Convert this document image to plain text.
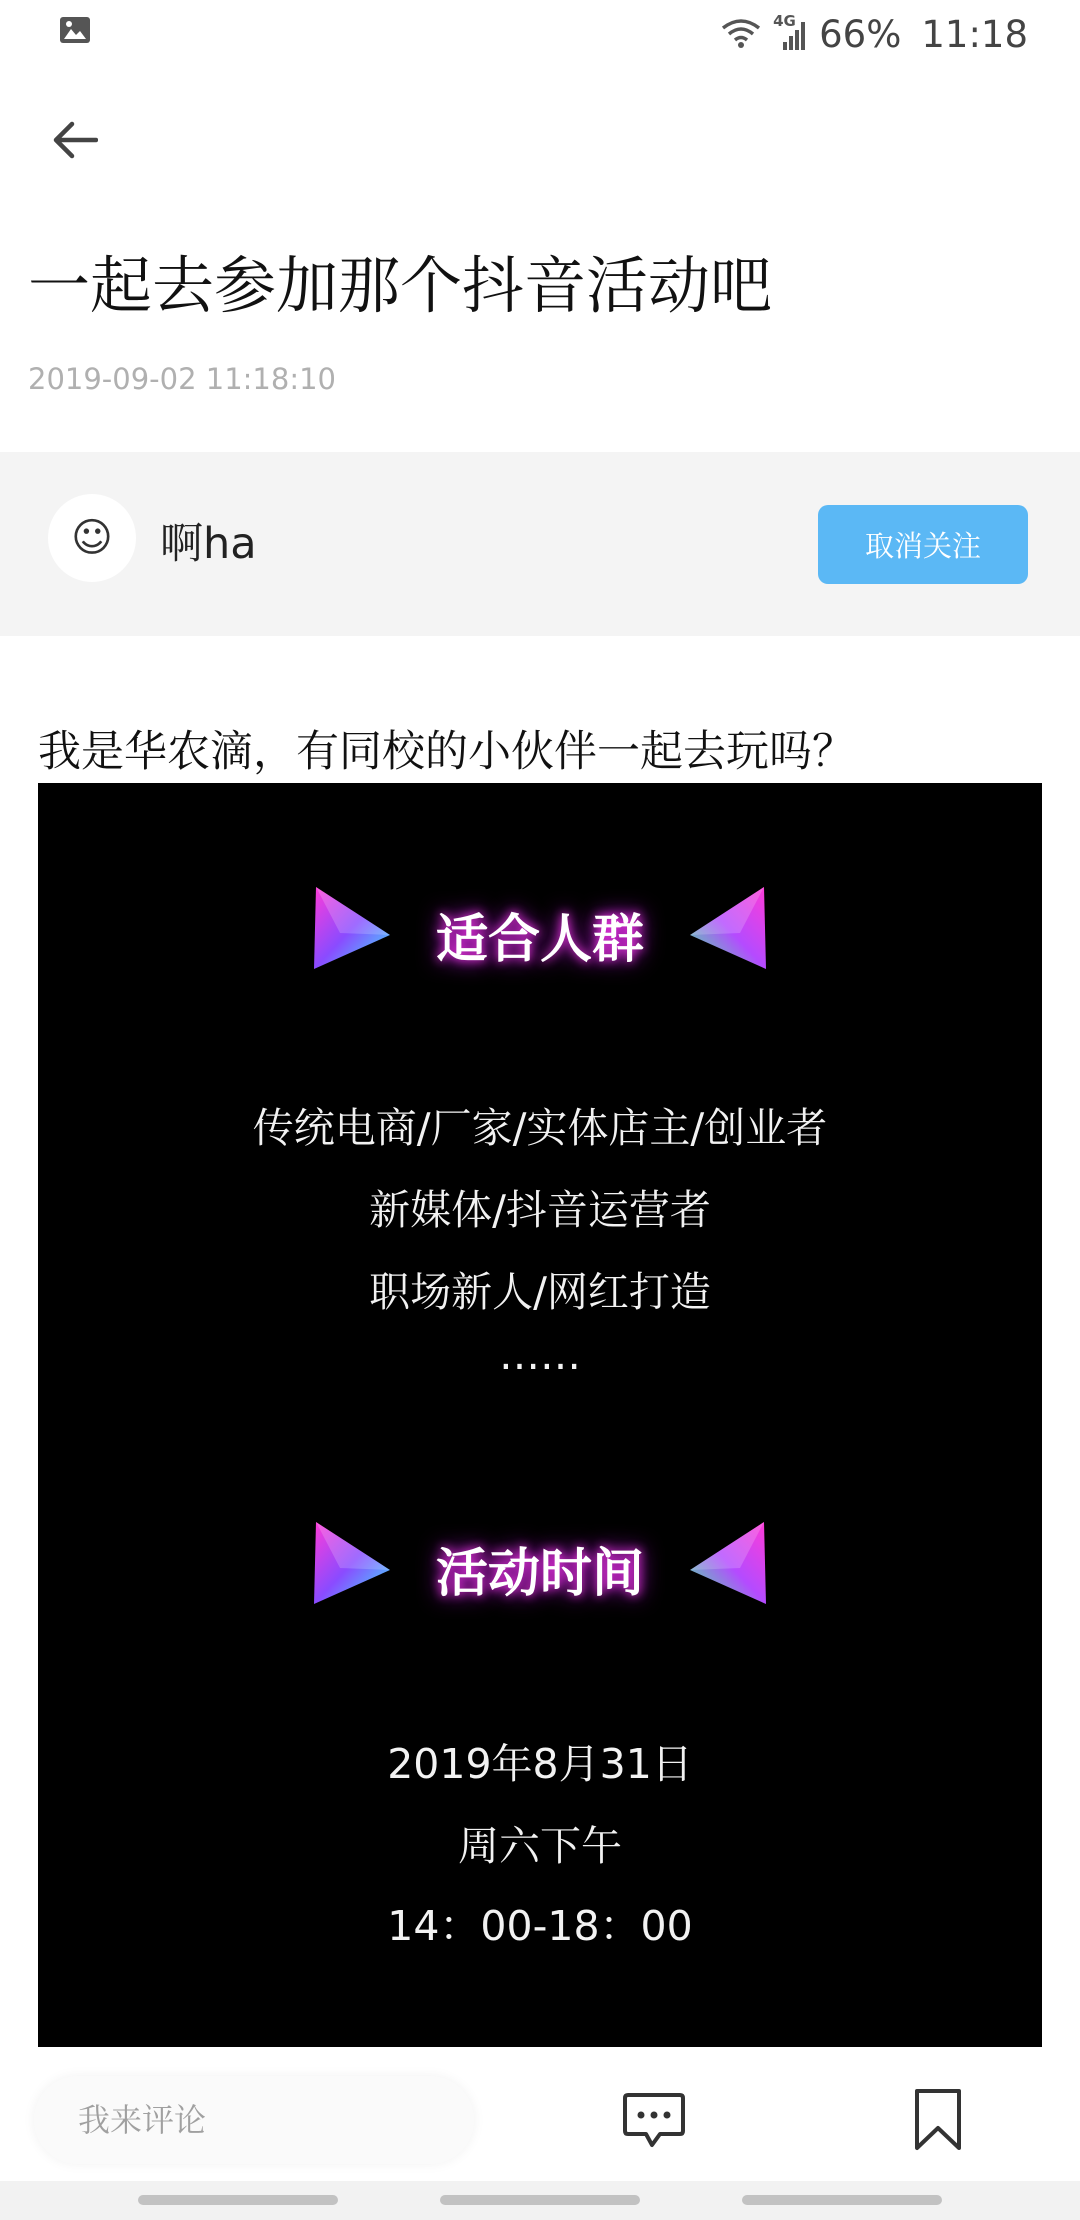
4G 66% 11:18
一起去参加那个抖音活动吧
2019-09-02 11:18:10
☺ 啊ha	取消关注
我是华农滴，有同校的小伙伴一起去玩吗？
适合人群
传统电商/厂家/实体店主/创业者
新媒体/抖音运营者
职场新人/网红打造
……
活动时间
2019年8月31日
周六下午
14：00-18：00
我来评论
